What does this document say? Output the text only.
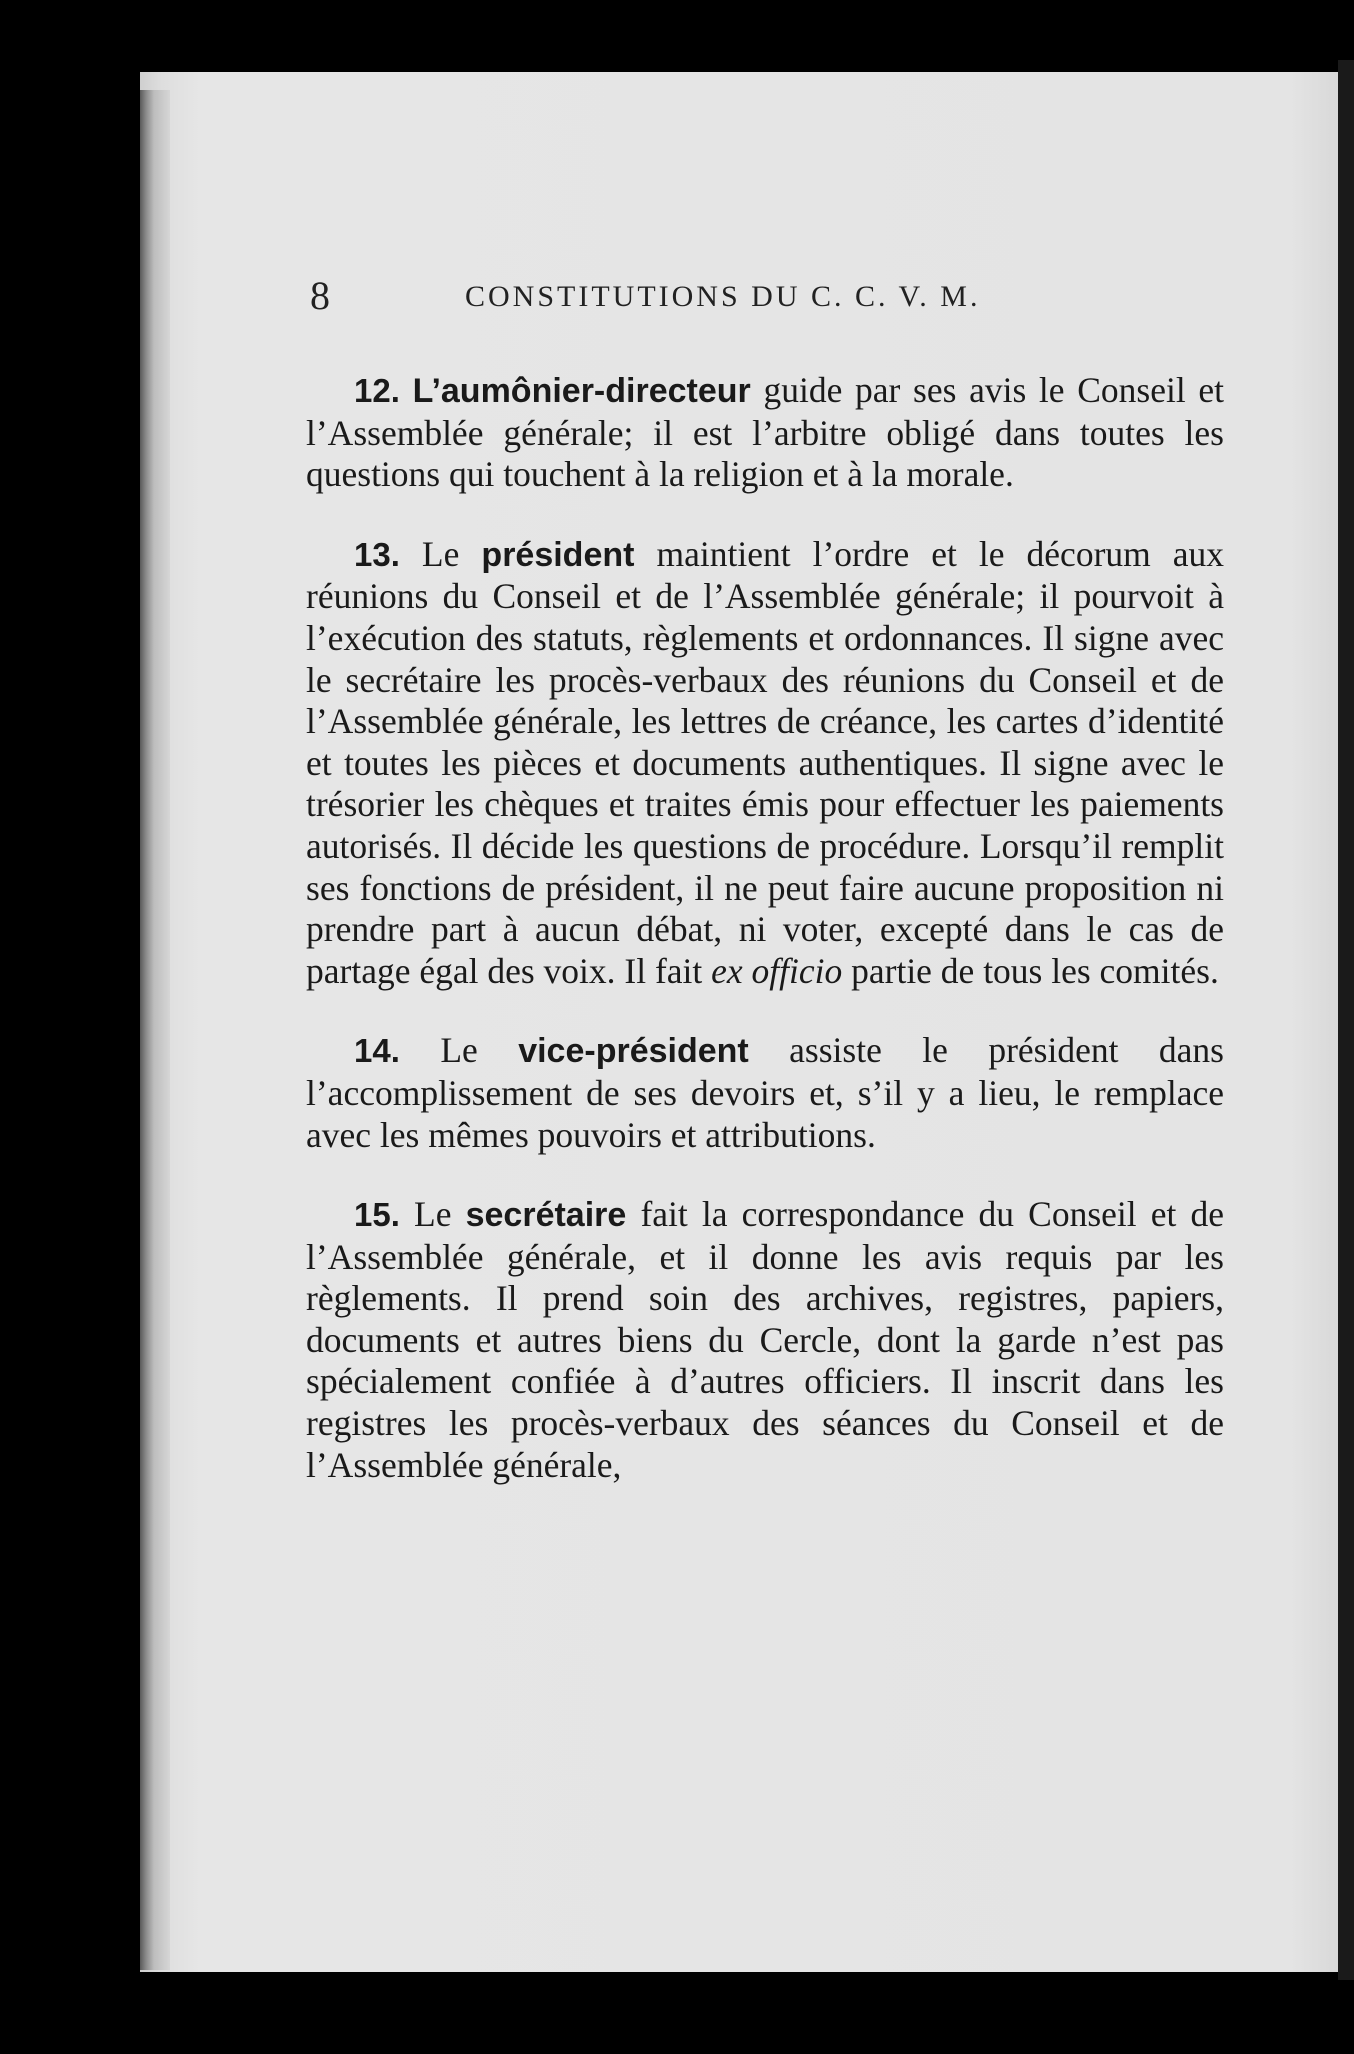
8	CONSTITUTIONS DU C. C. V. M.

12. L’aumônier-directeur guide par ses avis le Conseil et l’Assemblée générale; il est l’arbitre obligé dans toutes les questions qui touchent à la religion et à la morale.

13. Le président maintient l’ordre et le décorum aux réunions du Conseil et de l’Assemblée générale; il pourvoit à l’exécution des statuts, règlements et ordonnances. Il signe avec le secrétaire les procès-verbaux des réunions du Conseil et de l’Assemblée générale, les lettres de créance, les cartes d’identité et toutes les pièces et documents authentiques. Il signe avec le trésorier les chèques et traites émis pour effectuer les paiements autorisés. Il décide les questions de procédure. Lorsqu’il remplit ses fonctions de président, il ne peut faire aucune proposition ni prendre part à aucun débat, ni voter, excepté dans le cas de partage égal des voix. Il fait ex officio partie de tous les comités.

14. Le vice-président assiste le président dans l’accomplissement de ses devoirs et, s’il y a lieu, le remplace avec les mêmes pouvoirs et attributions.

15. Le secrétaire fait la correspondance du Conseil et de l’Assemblée générale, et il donne les avis requis par les règlements. Il prend soin des archives, registres, papiers, documents et autres biens du Cercle, dont la garde n’est pas spécialement confiée à d’autres officiers. Il inscrit dans les registres les procès-verbaux des séances du Conseil et de l’Assemblée générale,
